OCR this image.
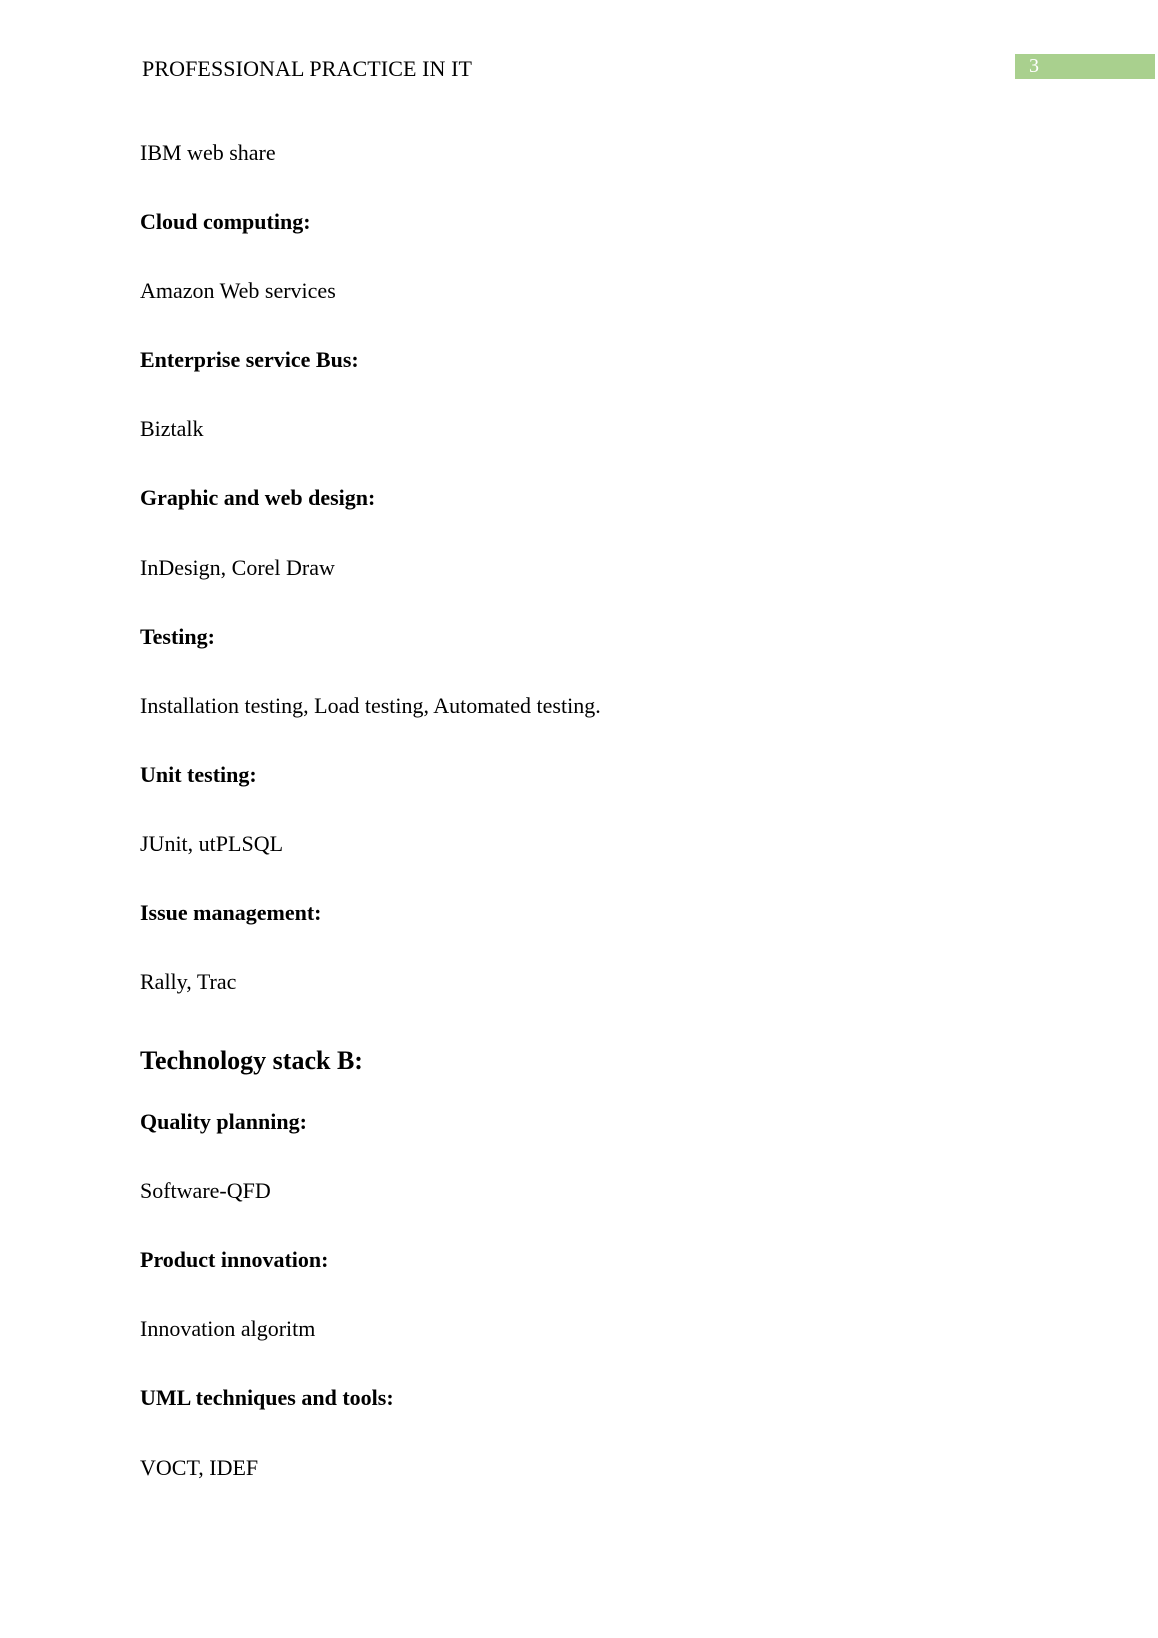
PROFESSIONAL PRACTICE IN IT	3
IBM web share
Cloud computing:
Amazon Web services
Enterprise service Bus:
Biztalk
Graphic and web design:
InDesign, Corel Draw
Testing:
Installation testing, Load testing, Automated testing.
Unit testing:
JUnit, utPLSQL
Issue management:
Rally, Trac
Technology stack B:
Quality planning:
Software-QFD
Product innovation:
Innovation algoritm
UML techniques and tools:
VOCT, IDEF
